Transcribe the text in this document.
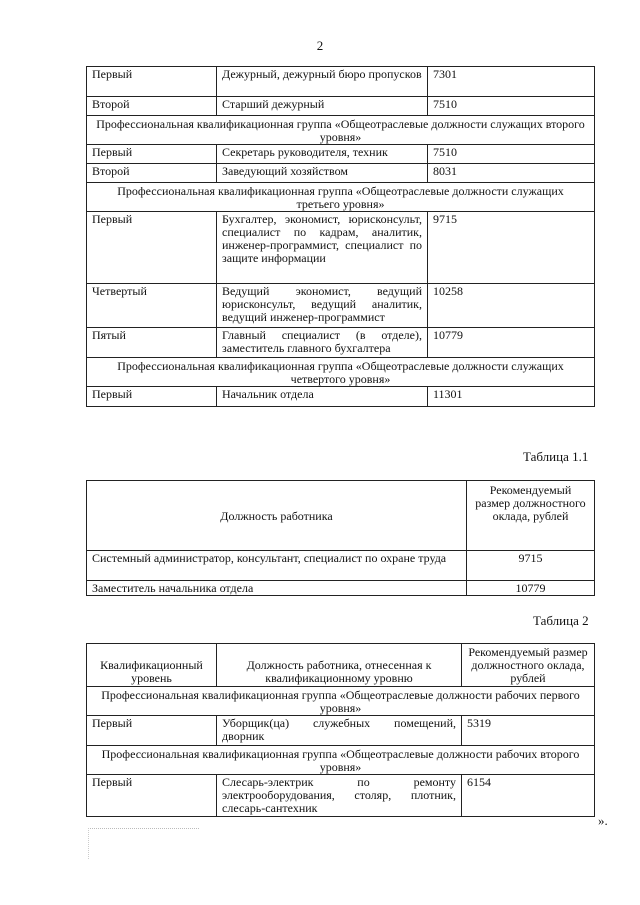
2
Первый	Дежурный, дежурный бюро пропусков	7301
Второй	Старший дежурный	7510
Профессиональная квалификационная группа «Общеотраслевые должности служащих второго уровня»		
Первый	Секретарь руководителя, техник	7510
Второй	Заведующий хозяйством	8031
Профессиональная квалификационная группа «Общеотраслевые должности служащих третьего уровня»		
Первый	Бухгалтер, экономист, юрисконсульт, специалист по кадрам, аналитик, инженер-программист, специалист по защите информации	9715
Четвертый	Ведущий экономист, ведущий юрисконсульт, ведущий аналитик, ведущий инженер-программист	10258
Пятый	Главный специалист (в отделе), заместитель главного бухгалтера	10779
Профессиональная квалификационная группа «Общеотраслевые должности служащих четвертого уровня»		
Первый	Начальник отдела	11301
Таблица 1.1
Должность работника	Рекомендуемый размер должностного оклада, рублей
Системный администратор, консультант, специалист по охране труда	9715
Заместитель начальника отдела	10779
Таблица 2
Квалификационный уровень	Должность работника, отнесенная к квалификационному уровню	Рекомендуемый размер должностного оклада, рублей
Профессиональная квалификационная группа «Общеотраслевые должности рабочих первого уровня»		
Первый	Уборщик(ца) служебных помещений, дворник	5319
Профессиональная квалификационная группа «Общеотраслевые должности рабочих второго уровня»		
Первый	Слесарь-электрик по ремонту электрооборудования, столяр, плотник, слесарь-сантехник	6154
».
